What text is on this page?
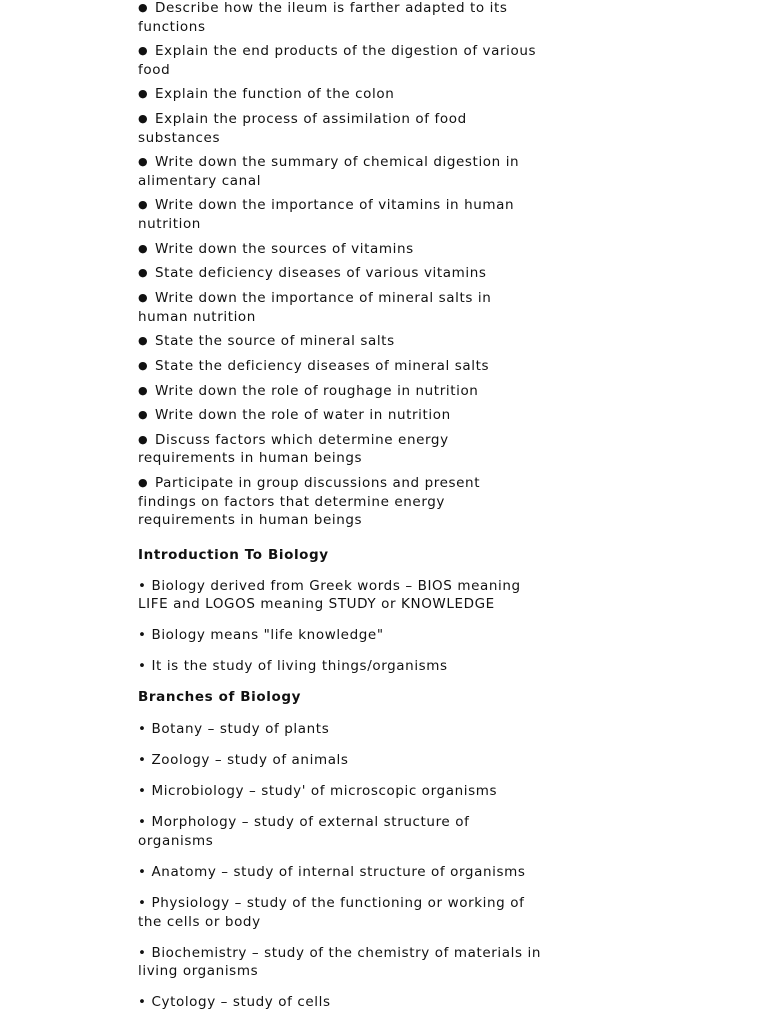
● Describe how the ileum is farther adapted to its functions
● Explain the end products of the digestion of various food
● Explain the function of the colon
● Explain the process of assimilation of food substances
● Write down the summary of chemical digestion in alimentary canal
● Write down the importance of vitamins in human nutrition
● Write down the sources of vitamins
● State deficiency diseases of various vitamins
● Write down the importance of mineral salts in human nutrition
● State the source of mineral salts
● State the deficiency diseases of mineral salts
● Write down the role of roughage in nutrition
● Write down the role of water in nutrition
● Discuss factors which determine energy requirements in human beings
● Participate in group discussions and present findings on factors that determine energy requirements in human beings
Introduction To Biology
• Biology derived from Greek words – BIOS meaning LIFE and LOGOS meaning STUDY or KNOWLEDGE
• Biology means "life knowledge"
• It is the study of living things/organisms
Branches of Biology
• Botany – study of plants
• Zoology – study of animals
• Microbiology – study' of microscopic organisms
• Morphology – study of external structure of organisms
• Anatomy – study of internal structure of organisms
• Physiology – study of the functioning or working of the cells or body
• Biochemistry – study of the chemistry of materials in living organisms
• Cytology – study of cells
